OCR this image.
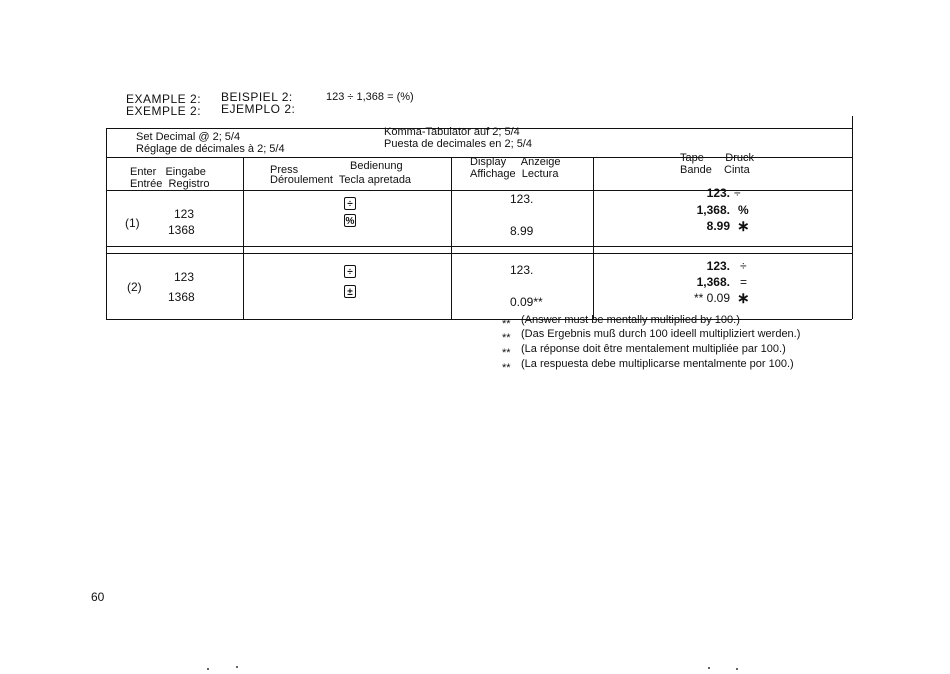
EXAMPLE 2:
EXEMPLE 2:
BEISPIEL 2:
EJEMPLO 2:
123 ÷ 1,368 = (%)
Set Decimal @ 2; 5/4
Réglage de décimales à 2; 5/4
Komma-Tabulator auf 2; 5/4
Puesta de decimales en 2; 5/4
Enter   Eingabe
Entrée  Registro
Press	Bedienung
Déroulement  Tecla apretada
Display     Anzeige
Affichage  Lectura
Tape       Druck
Bande    Cinta
(1)
123
1368
÷
%
123.
8.99
123. ÷
1,368. %
8.99 ∗
(2)
123
1368
÷
±
123.
0.09**
123. ÷
1,368. =
** 0.09 ∗
** (Answer must be mentally multiplied by 100.)
** (Das Ergebnis muß durch 100 ideell multipliziert werden.)
** (La réponse doit être mentalement multipliée par 100.)
** (La respuesta debe multiplicarse mentalmente por 100.)
60
